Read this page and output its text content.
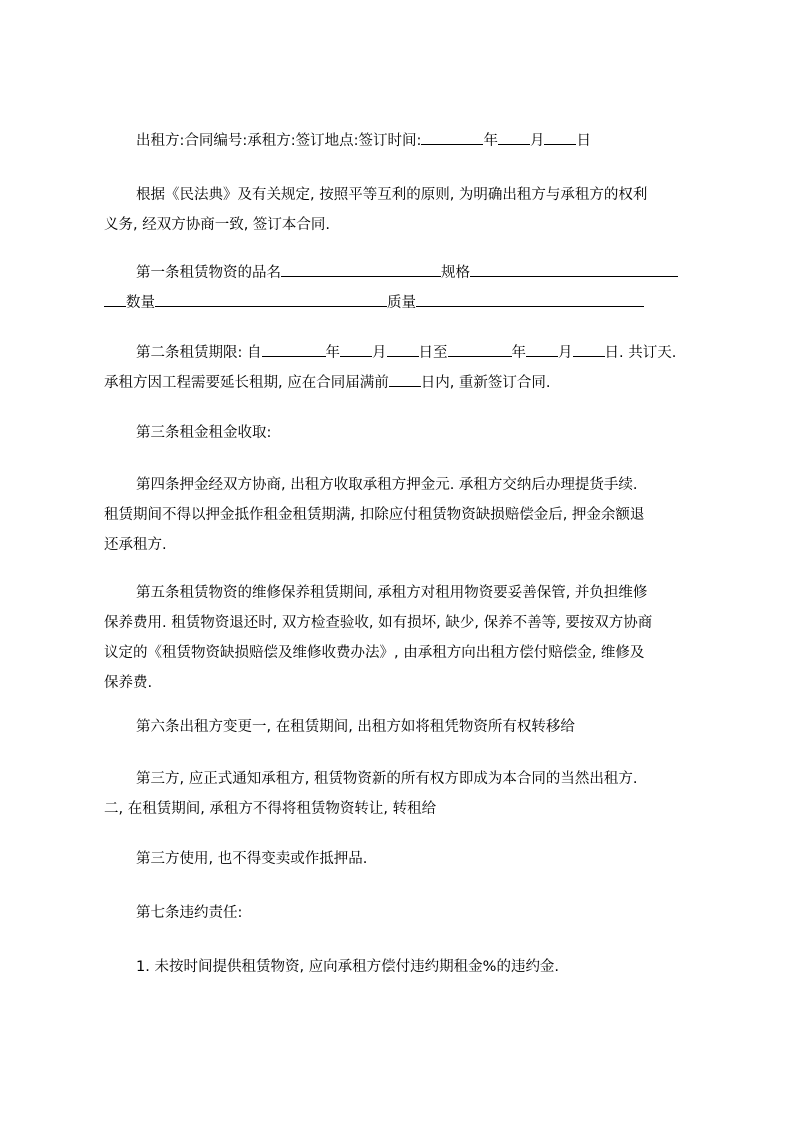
出租方:合同编号:承租方:签订地点:签订时间:	年 月 日
根据《民法典》及有关规定, 按照平等互利的原则, 为明确出租方与承租方的权利
义务, 经双方协商一致, 签订本合同.
第一条租赁物资的品名	规格
数量	质量
第二条租赁期限: 自	年 月 日至	年 月 日. 共订天.
承租方因工程需要延长租期, 应在合同届满前 日内, 重新签订合同.
第三条租金租金收取:
第四条押金经双方协商, 出租方收取承租方押金元. 承租方交纳后办理提货手续.
租赁期间不得以押金抵作租金租赁期满, 扣除应付租赁物资缺损赔偿金后, 押金余额退
还承租方.
第五条租赁物资的维修保养租赁期间, 承租方对租用物资要妥善保管, 并负担维修
保养费用. 租赁物资退还时, 双方检查验收, 如有损坏, 缺少, 保养不善等, 要按双方协商
议定的《租赁物资缺损赔偿及维修收费办法》, 由承租方向出租方偿付赔偿金, 维修及
保养费.
第六条出租方变更一, 在租赁期间, 出租方如将租凭物资所有权转移给
第三方, 应正式通知承租方, 租赁物资新的所有权方即成为本合同的当然出租方.
二, 在租赁期间, 承租方不得将租赁物资转让, 转租给
第三方使用, 也不得变卖或作抵押品.
第七条违约责任:
1. 未按时间提供租赁物资, 应向承租方偿付违约期租金%的违约金.
